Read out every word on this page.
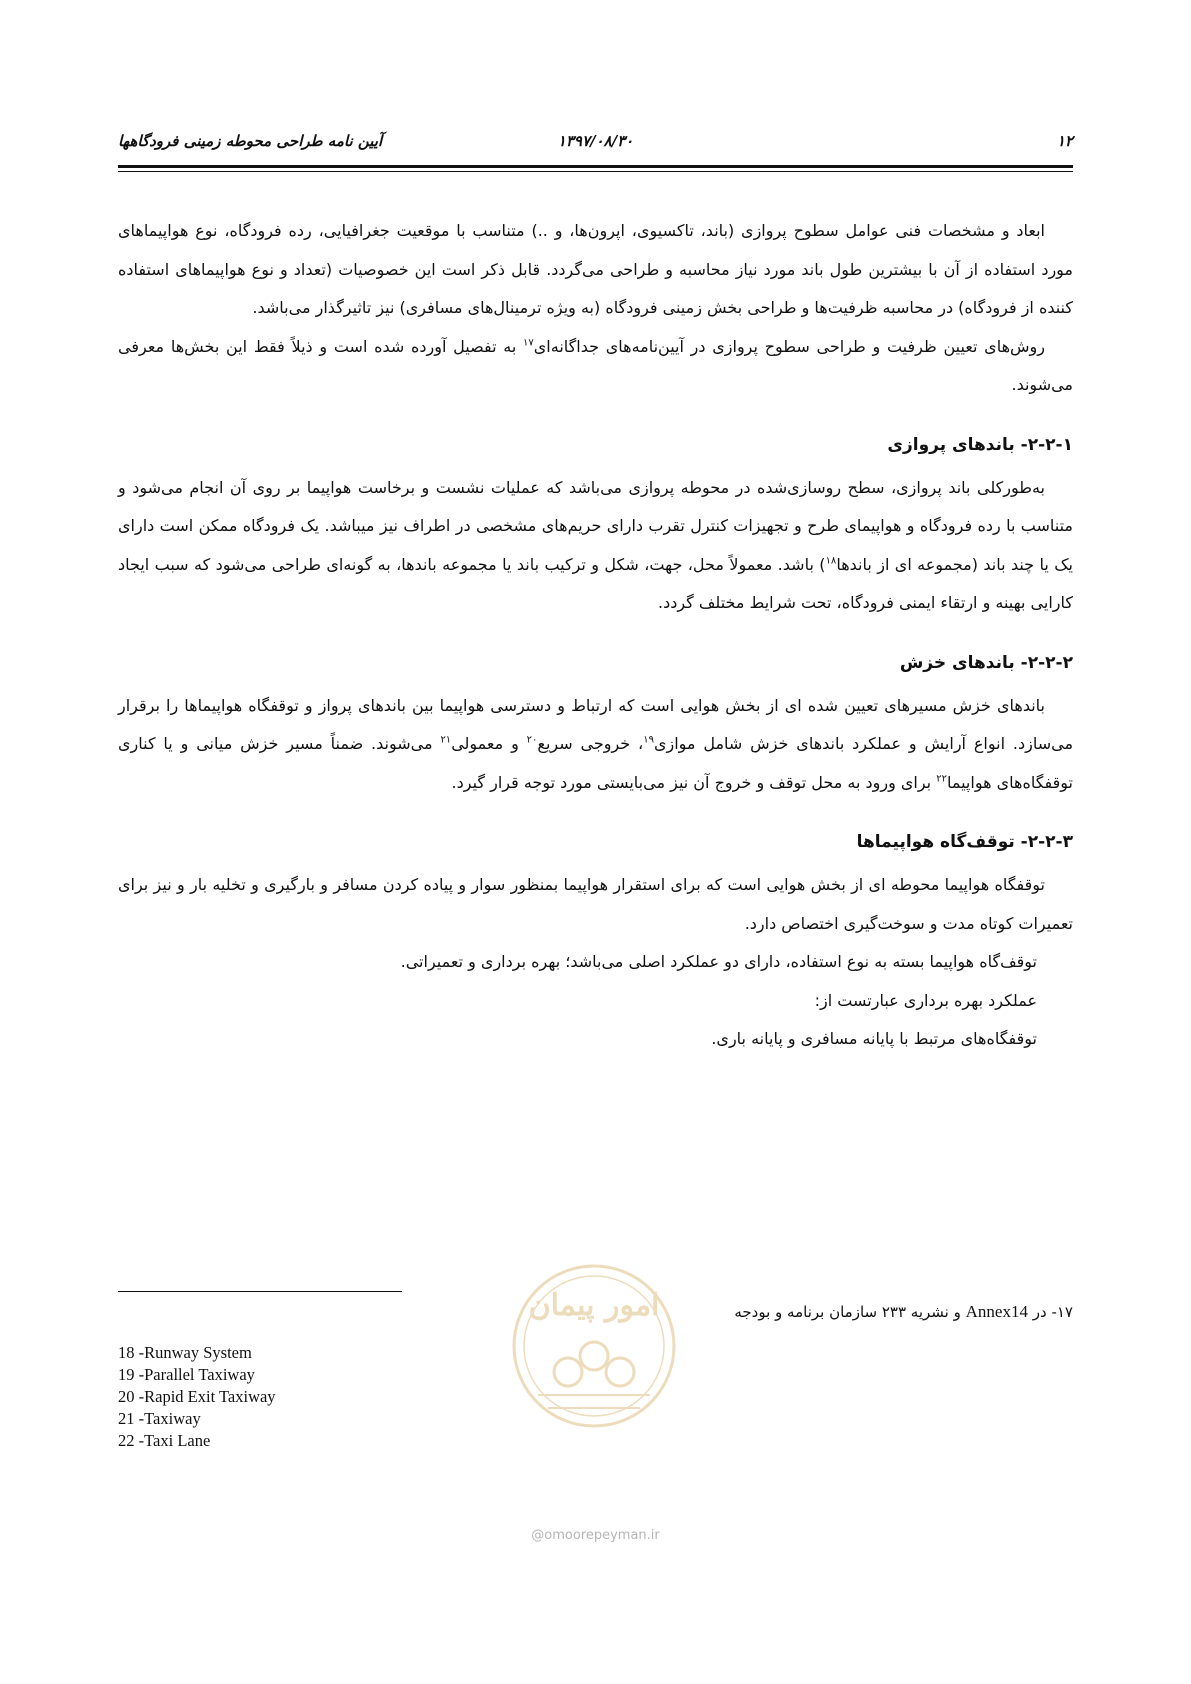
۱۲
۱۳۹۷/۰۸/۳۰
آیین نامه طراحی محوطه زمینی فرودگاهها

ابعاد و مشخصات فنی عوامل سطوح پروازی (باند، تاکسیوی، اپرون‌ها، و ..) متناسب با موقعیت جغرافیایی، رده فرودگاه، نوع هواپیماهای مورد استفاده از آن با بیشترین طول باند مورد نیاز محاسبه و طراحی می‌گردد. قابل ذکر است این خصوصیات (تعداد و نوع هواپیماهای استفاده کننده از فرودگاه) در محاسبه ظرفیت‌ها و طراحی بخش زمینی فرودگاه (به ویژه ترمینال‌های مسافری) نیز تاثیرگذار می‌باشد.

روش‌های تعیین ظرفیت و طراحی سطوح پروازی در آیین‌نامه‌های جداگانه‌ای$^{۱۷}$ به تفصیل آورده شده است و ذیلاً فقط این بخش‌ها معرفی می‌شوند.

۲-۲-۱- باندهای پروازی

به‌طورکلی باند پروازی، سطح روسازی‌شده در محوطه پروازی می‌باشد که عملیات نشست و برخاست هواپیما بر روی آن انجام می‌شود و متناسب با رده فرودگاه و هواپیمای طرح و تجهیزات کنترل تقرب دارای حریم‌های مشخصی در اطراف نیز میباشد. یک فرودگاه ممکن است دارای یک یا چند باند (مجموعه ای از باندها$^{۱۸}$) باشد. معمولاً محل، جهت، شکل و ترکیب باند یا مجموعه باندها، به گونه‌ای طراحی می‌شود که سبب ایجاد کارایی بهینه و ارتقاء ایمنی فرودگاه، تحت شرایط مختلف گردد.

۲-۲-۲- باندهای خزش

باندهای خزش مسیرهای تعیین شده ای از بخش هوایی است که ارتباط و دسترسی هواپیما بین باندهای پرواز و توقفگاه هواپیماها را برقرار می‌سازد. انواع آرایش و عملکرد باندهای خزش شامل موازی$^{۱۹}$، خروجی سریع$^{۲۰}$ و معمولی$^{۲۱}$ می‌شوند. ضمناً مسیر خزش میانی و یا کناری توقفگاه‌های هواپیما$^{۲۲}$ برای ورود به محل توقف و خروج آن نیز می‌بایستی مورد توجه قرار گیرد.

۲-۲-۳- توقف‌گاه هواپیماها

توقفگاه هواپیما محوطه ای از بخش هوایی است که برای استقرار هواپیما بمنظور سوار و پیاده کردن مسافر و بارگیری و تخلیه بار و نیز برای تعمیرات کوتاه مدت و سوخت‌گیری اختصاص دارد.

توقف‌گاه هواپیما بسته به نوع استفاده، دارای دو عملکرد اصلی می‌باشد؛ بهره برداری و تعمیراتی.

عملکرد بهره برداری عبارتست از:

توقفگاه‌های مرتبط با پایانه مسافری و پایانه باری.

۱۷- در Annex14 و نشریه ۲۳۳ سازمان برنامه و بودجه
18 -Runway System
19 -Parallel Taxiway
20 -Rapid Exit Taxiway
21 -Taxiway
22 -Taxi Lane
امور پیمان
@omoorepeyman.ir
